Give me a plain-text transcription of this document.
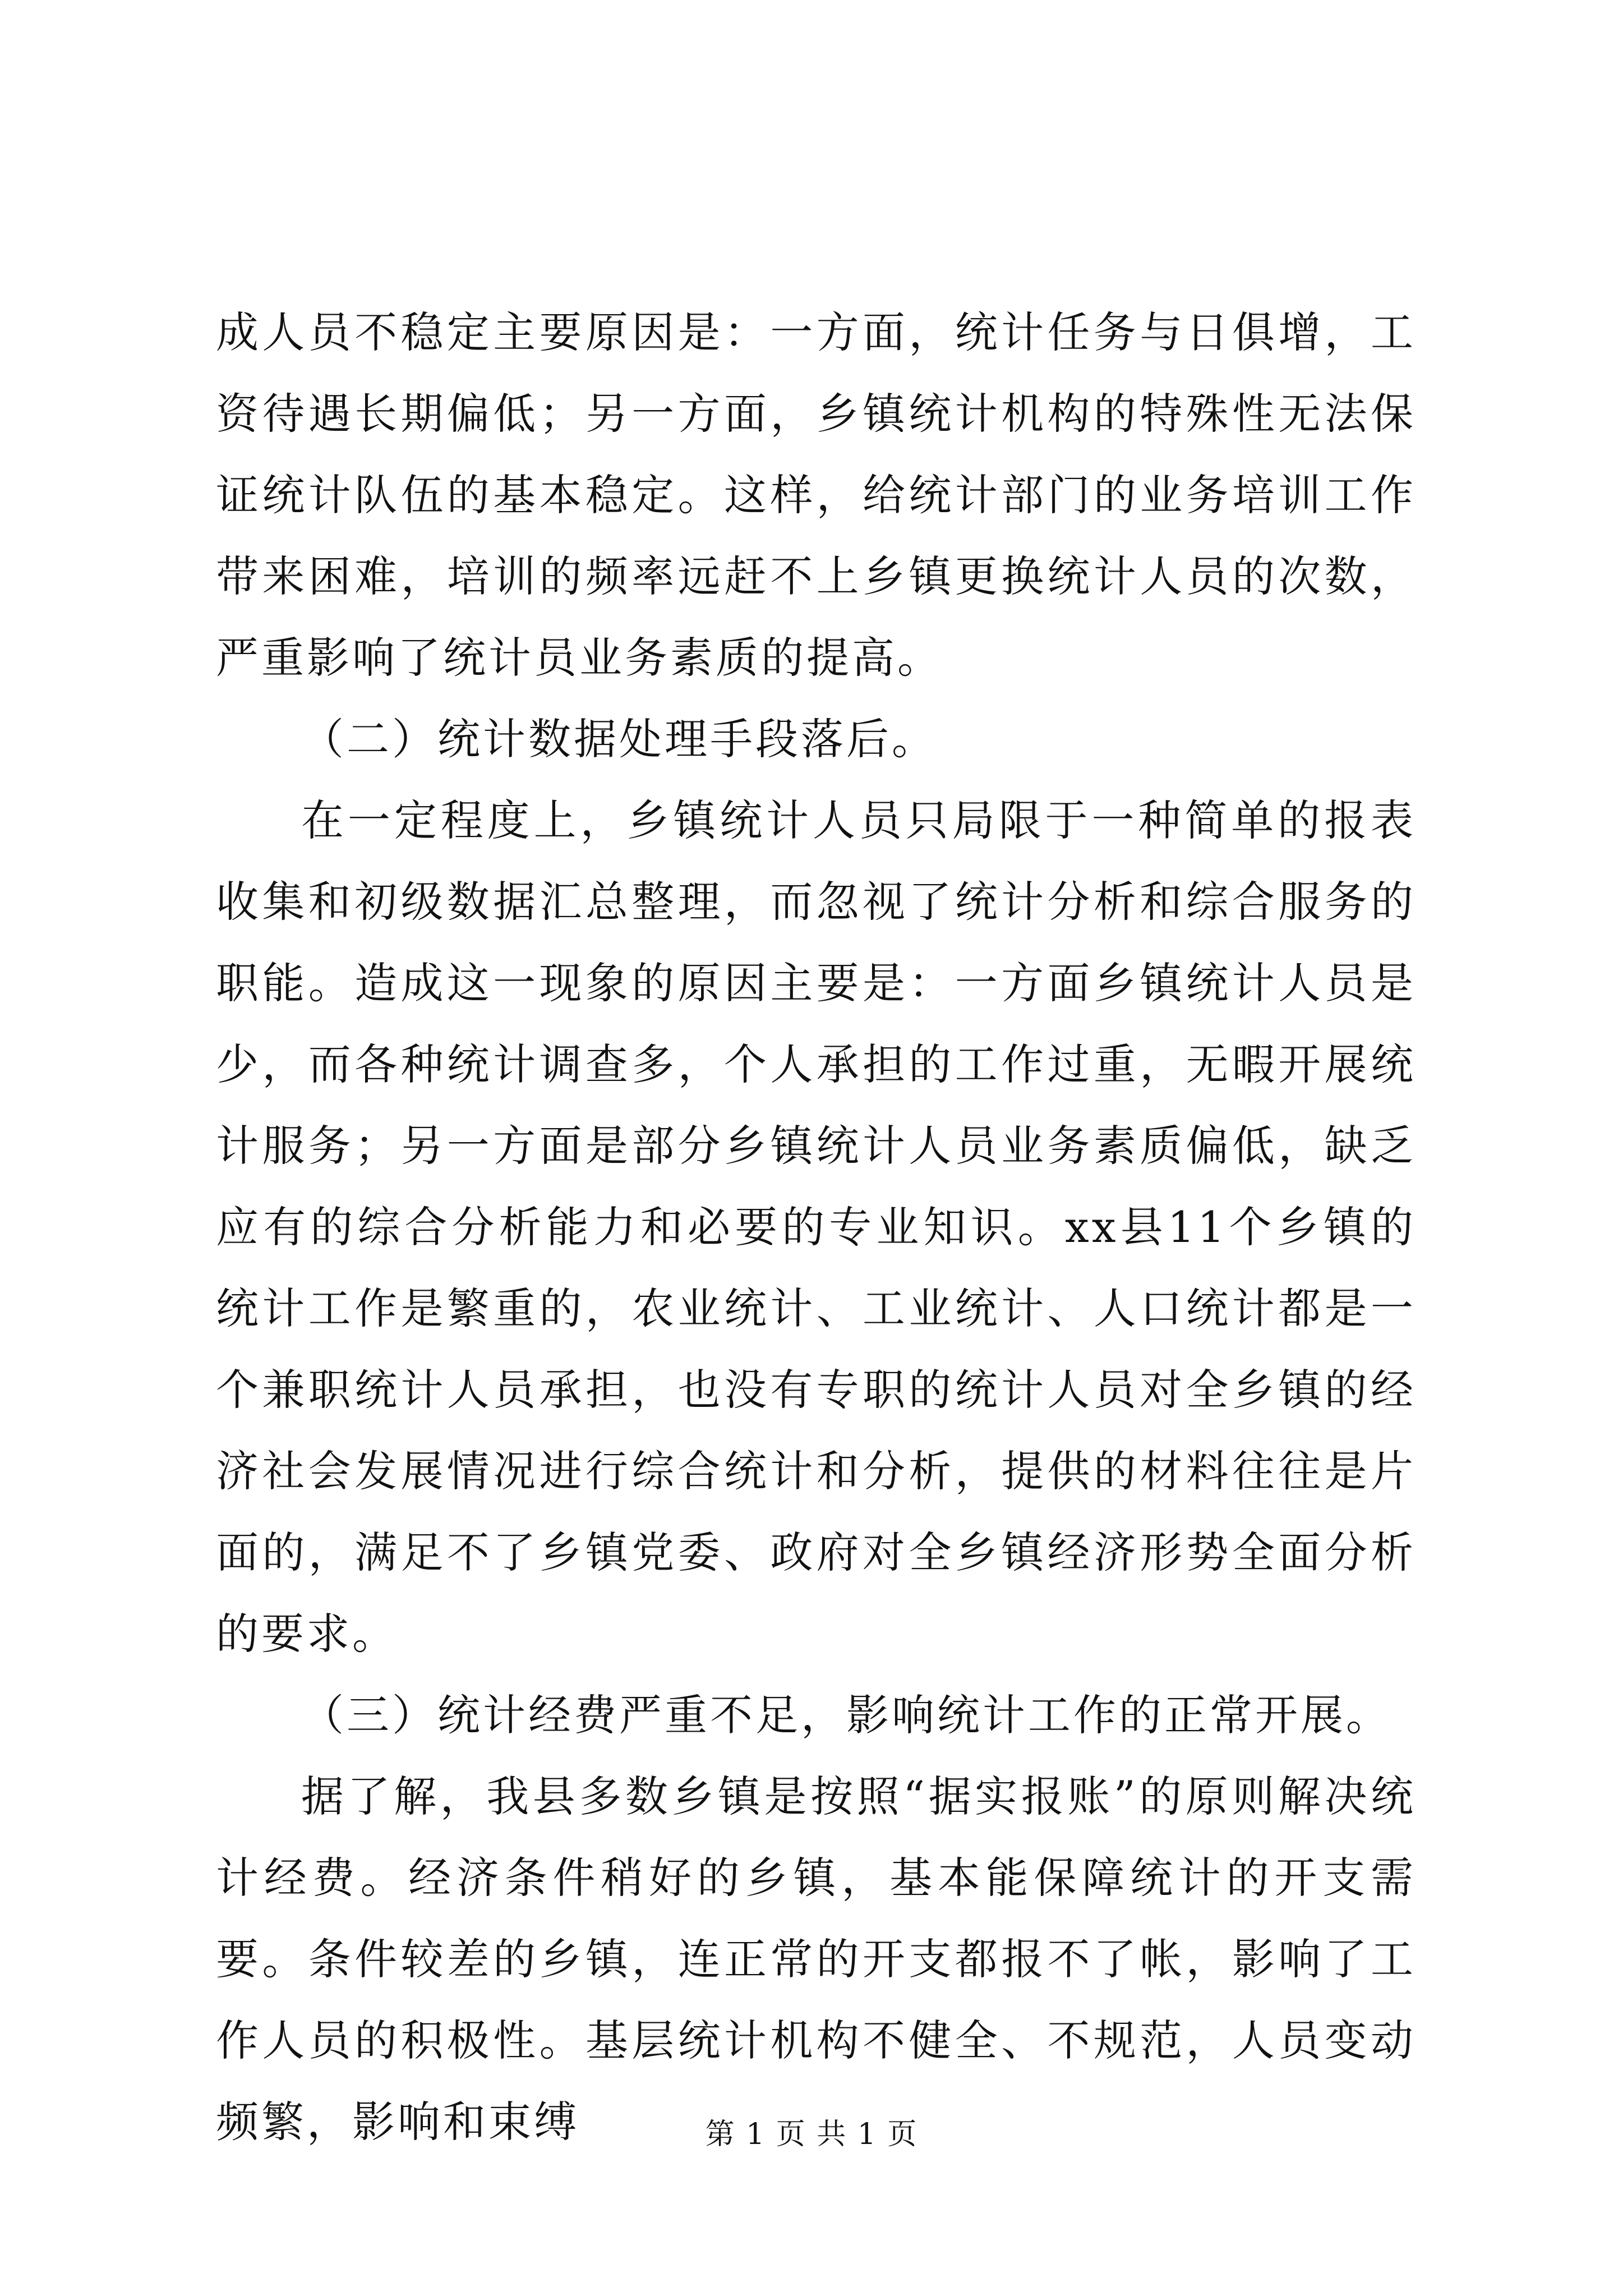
成人员不稳定主要原因是：一方面，统计任务与日俱增，工资待遇长期偏低；另一方面，乡镇统计机构的特殊性无法保证统计队伍的基本稳定。这样，给统计部门的业务培训工作带来困难，培训的频率远赶不上乡镇更换统计人员的次数，严重影响了统计员业务素质的提高。

（二）统计数据处理手段落后。

在一定程度上，乡镇统计人员只局限于一种简单的报表收集和初级数据汇总整理，而忽视了统计分析和综合服务的职能。造成这一现象的原因主要是：一方面乡镇统计人员是少，而各种统计调查多，个人承担的工作过重，无暇开展统计服务；另一方面是部分乡镇统计人员业务素质偏低，缺乏应有的综合分析能力和必要的专业知识。xx县11个乡镇的统计工作是繁重的，农业统计、工业统计、人口统计都是一个兼职统计人员承担，也没有专职的统计人员对全乡镇的经济社会发展情况进行综合统计和分析，提供的材料往往是片面的，满足不了乡镇党委、政府对全乡镇经济形势全面分析的要求。

（三）统计经费严重不足，影响统计工作的正常开展。

据了解，我县多数乡镇是按照“据实报账”的原则解决统计经费。经济条件稍好的乡镇，基本能保障统计的开支需要。条件较差的乡镇，连正常的开支都报不了帐，影响了工作人员的积极性。基层统计机构不健全、不规范，人员变动频繁，影响和束缚	第 1 页 共 1 页
